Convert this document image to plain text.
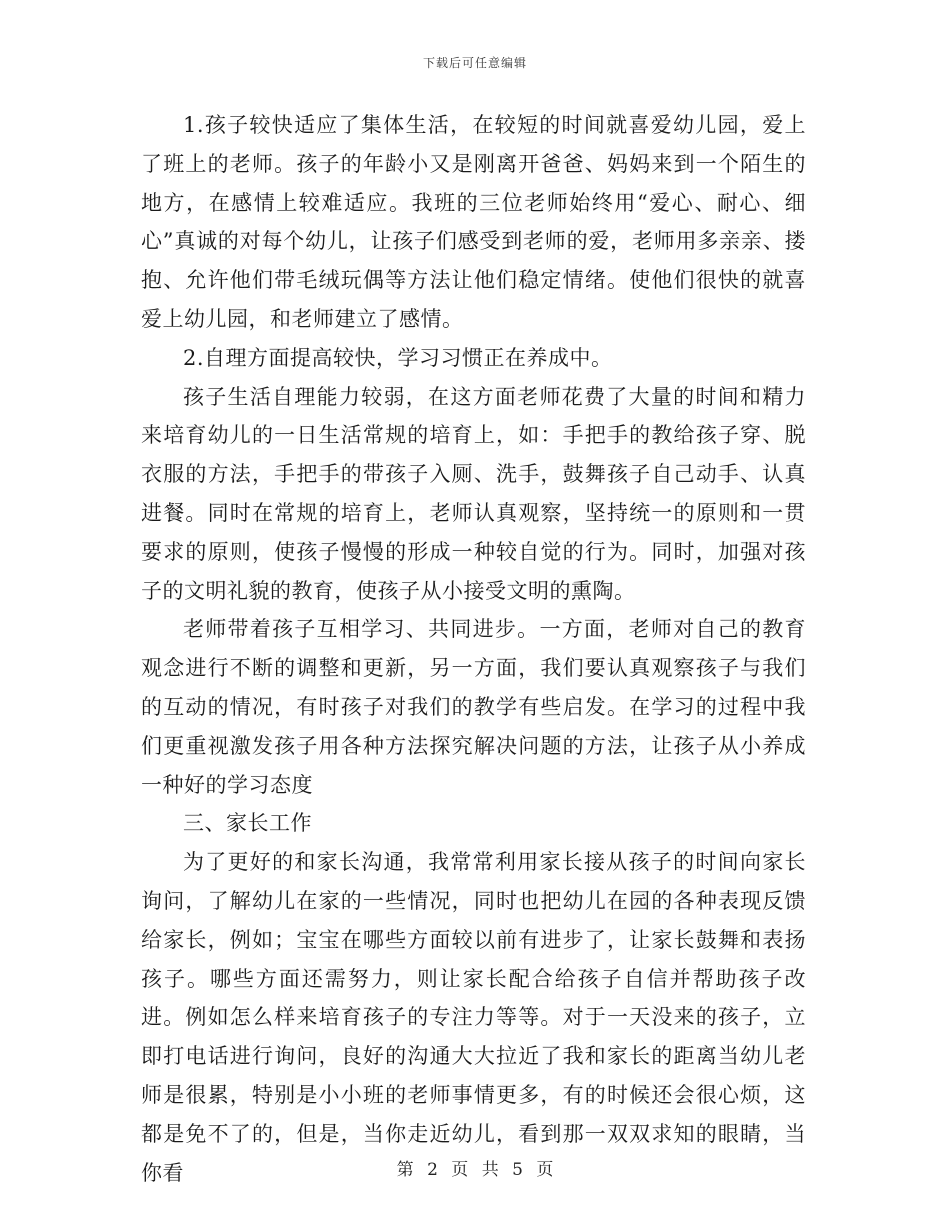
下载后可任意编辑

1.孩子较快适应了集体生活，在较短的时间就喜爱幼儿园，爱上了班上的老师。孩子的年龄小又是刚离开爸爸、妈妈来到一个陌生的地方，在感情上较难适应。我班的三位老师始终用“爱心、耐心、细心”真诚的对每个幼儿，让孩子们感受到老师的爱，老师用多亲亲、搂抱、允许他们带毛绒玩偶等方法让他们稳定情绪。使他们很快的就喜爱上幼儿园，和老师建立了感情。

2.自理方面提高较快，学习习惯正在养成中。

孩子生活自理能力较弱，在这方面老师花费了大量的时间和精力来培育幼儿的一日生活常规的培育上，如：手把手的教给孩子穿、脱衣服的方法，手把手的带孩子入厕、洗手，鼓舞孩子自己动手、认真进餐。同时在常规的培育上，老师认真观察，坚持统一的原则和一贯要求的原则，使孩子慢慢的形成一种较自觉的行为。同时，加强对孩子的文明礼貌的教育，使孩子从小接受文明的熏陶。

老师带着孩子互相学习、共同进步。一方面，老师对自己的教育观念进行不断的调整和更新，另一方面，我们要认真观察孩子与我们的互动的情况，有时孩子对我们的教学有些启发。在学习的过程中我们更重视激发孩子用各种方法探究解决问题的方法，让孩子从小养成一种好的学习态度

三、家长工作

为了更好的和家长沟通，我常常利用家长接从孩子的时间向家长询问，了解幼儿在家的一些情况，同时也把幼儿在园的各种表现反馈给家长，例如；宝宝在哪些方面较以前有进步了，让家长鼓舞和表扬孩子。哪些方面还需努力，则让家长配合给孩子自信并帮助孩子改进。例如怎么样来培育孩子的专注力等等。对于一天没来的孩子，立即打电话进行询问，良好的沟通大大拉近了我和家长的距离当幼儿老师是很累，特别是小小班的老师事情更多，有的时候还会很心烦，这都是免不了的，但是，当你走近幼儿，看到那一双双求知的眼睛，当你看	第 2 页 共 5 页
